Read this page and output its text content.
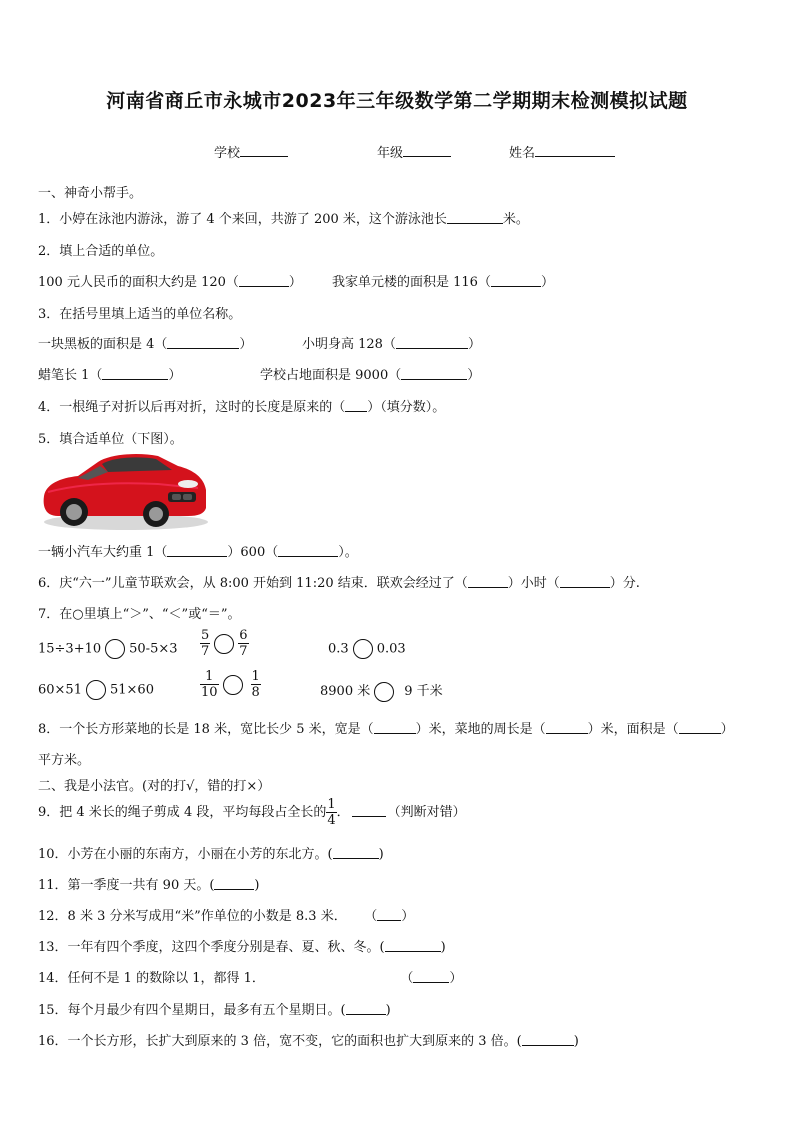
河南省商丘市永城市2023年三年级数学第二学期期末检测模拟试题
学校	年级	姓名
一、神奇小帮手。
1．小婷在泳池内游泳，游了 4 个来回，共游了 200 米，这个游泳池长	米。
2．填上合适的单位。
100 元人民币的面积大约是 120（	） 我家单元楼的面积是 116（	）
3．在括号里填上适当的单位名称。
一块黑板的面积是 4（	）	小明身高 128（	）
蜡笔长 1（	）	学校占地面积是 9000（	）
4．一根绳子对折以后再对折，这时的长度是原来的（ ）（填分数）。
5．填合适单位（下图）。
一辆小汽车大约重 1（	）600（	）。
6．庆“六一”儿童节联欢会，从 8:00 开始到 11:20 结束．联欢会经过了（	）小时（	）分.
7．在○里填上“＞”、“＜”或“＝”。
15÷3+10 $50-5\times 3 \frac{5}{7} \frac{6}{7}$	0.3 0.03
60×51 51×60	$\frac{1}{10} \frac{1}{8}$	8900 米	9 千米
8．一个长方形菜地的长是 18 米，宽比长少 5 米，宽是（	）米，菜地的周长是（	）米，面积是（	）
平方米。
二、我是小法官。(对的打√，错的打×）
9．把 4 米长的绳子剪成 4 段，平均每段占全长的 $\frac{1}{4}$ ．	（判断对错）
10．小芳在小丽的东南方，小丽在小芳的东北方。(	)
11．第一季度一共有 90 天。(	)
12．8 米 3 分米写成用“米”作单位的小数是 8.3 米． （ ）
13．一年有四个季度，这四个季度分别是春、夏、秋、冬。(	)
14．任何不是 1 的数除以 1，都得 1．	（	）
15．每个月最少有四个星期日，最多有五个星期日。(	)
16．一个长方形，长扩大到原来的 3 倍，宽不变，它的面积也扩大到原来的 3 倍。(	)
